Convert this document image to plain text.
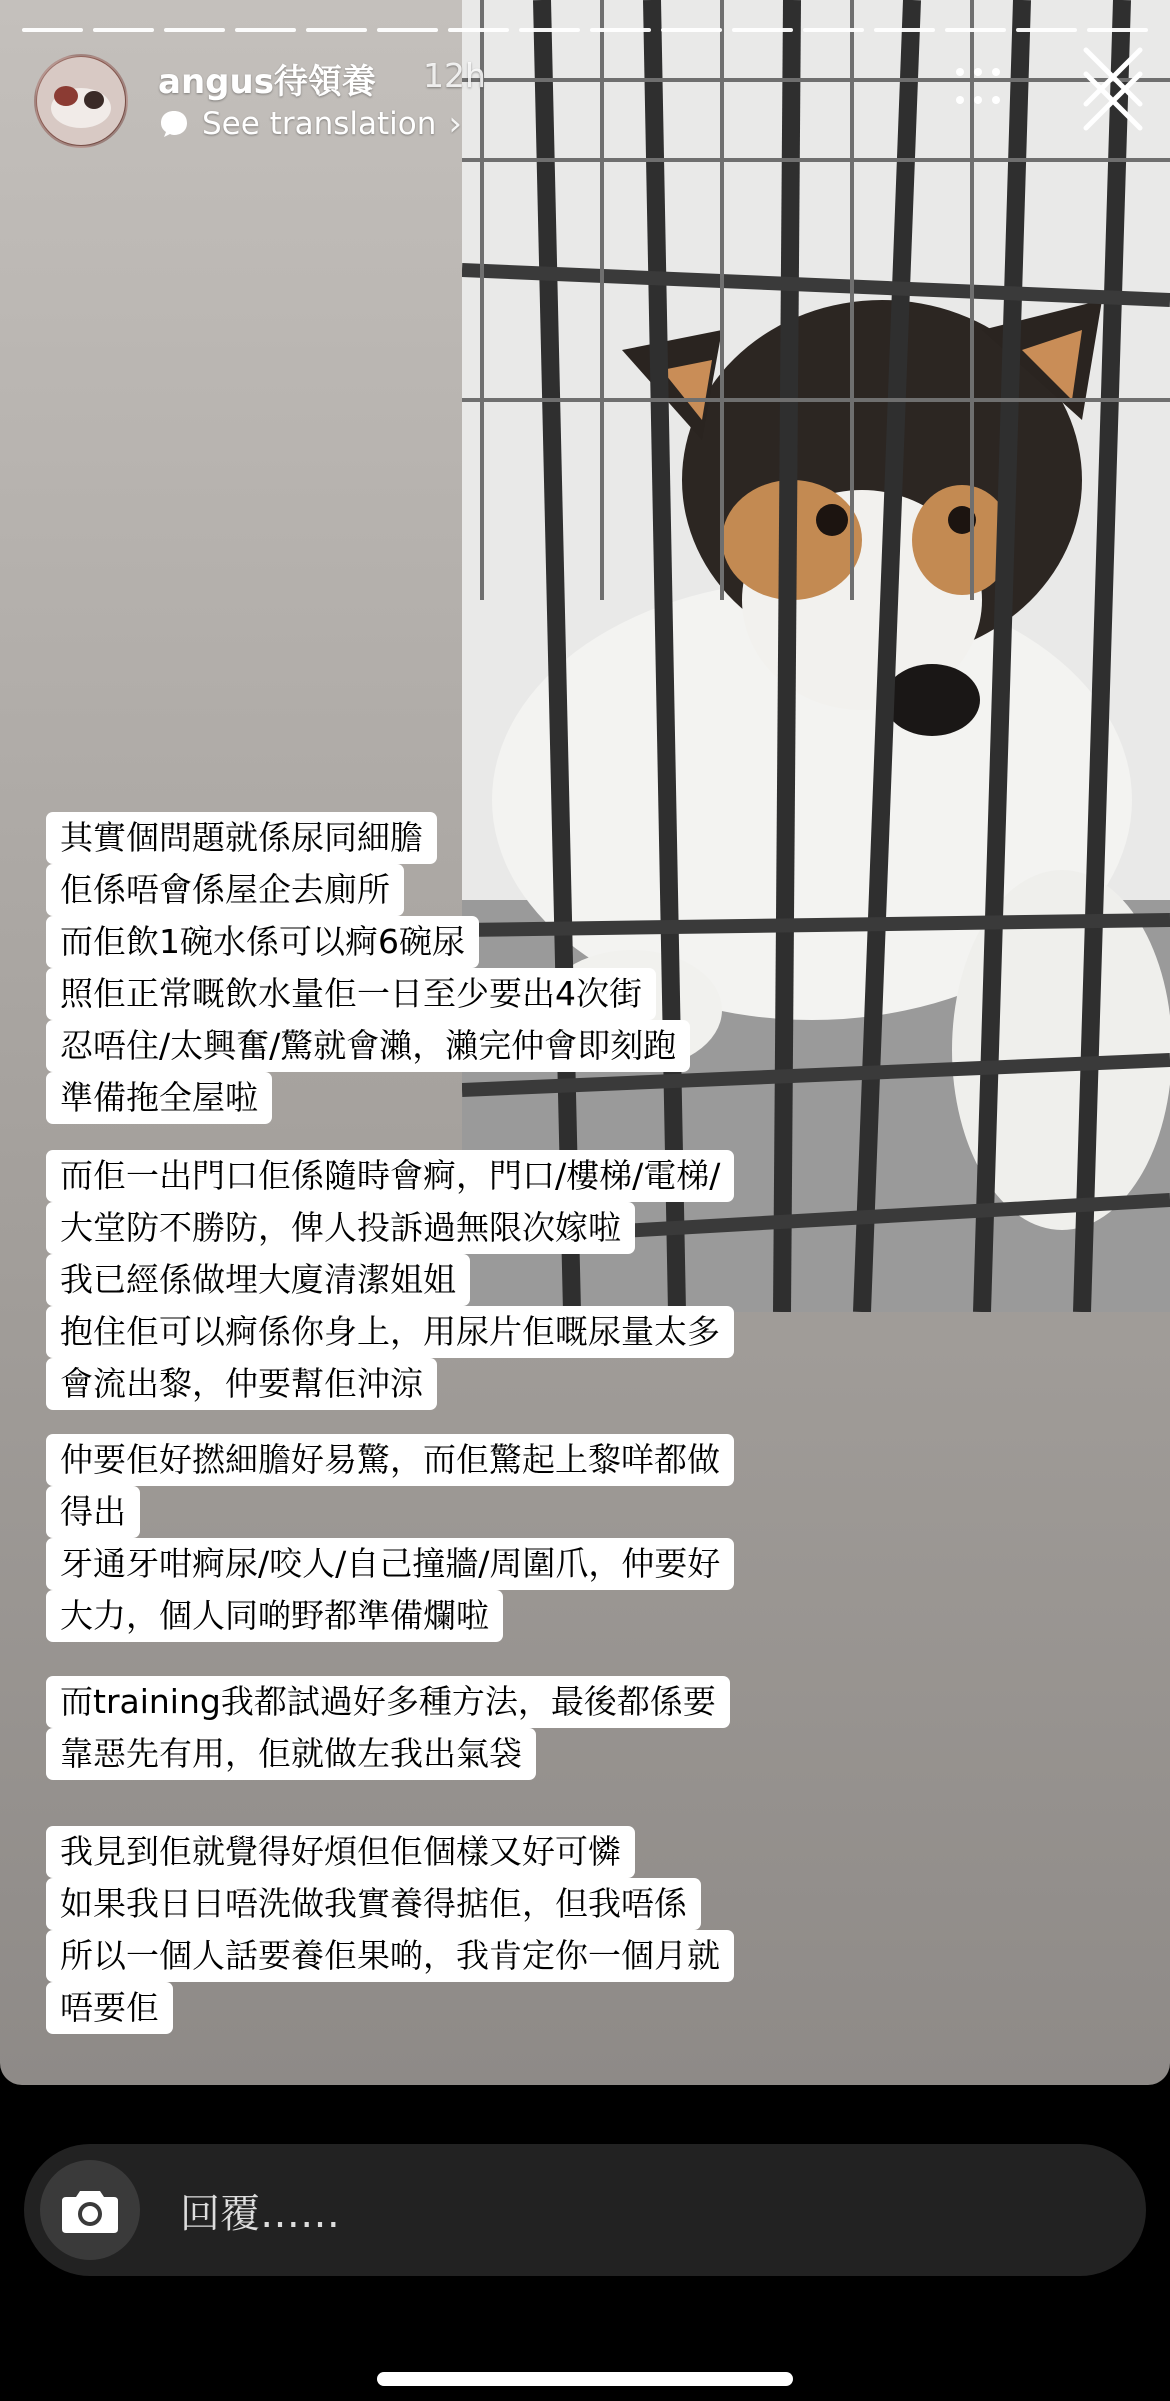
angus待領養 12h
See translation ›
其實個問題就係尿同細膽
佢係唔會係屋企去廁所
而佢飲1碗水係可以痾6碗尿
照佢正常嘅飲水量佢一日至少要出4次街
忍唔住/太興奮/驚就會瀨，瀨完仲會即刻跑
準備拖全屋啦
而佢一出門口佢係隨時會痾，門口/樓梯/電梯/
大堂防不勝防，俾人投訴過無限次嫁啦
我已經係做埋大廈清潔姐姐
抱住佢可以痾係你身上，用尿片佢嘅尿量太多
會流出黎，仲要幫佢沖涼
仲要佢好撚細膽好易驚，而佢驚起上黎咩都做
得出
牙通牙咁痾尿/咬人/自己撞牆/周圍爪，仲要好
大力，個人同啲野都準備爛啦
而training我都試過好多種方法，最後都係要
靠惡先有用，佢就做左我出氣袋
我見到佢就覺得好煩但佢個樣又好可憐
如果我日日唔洗做我實養得掂佢，但我唔係
所以一個人話要養佢果啲，我肯定你一個月就
唔要佢
回覆……
